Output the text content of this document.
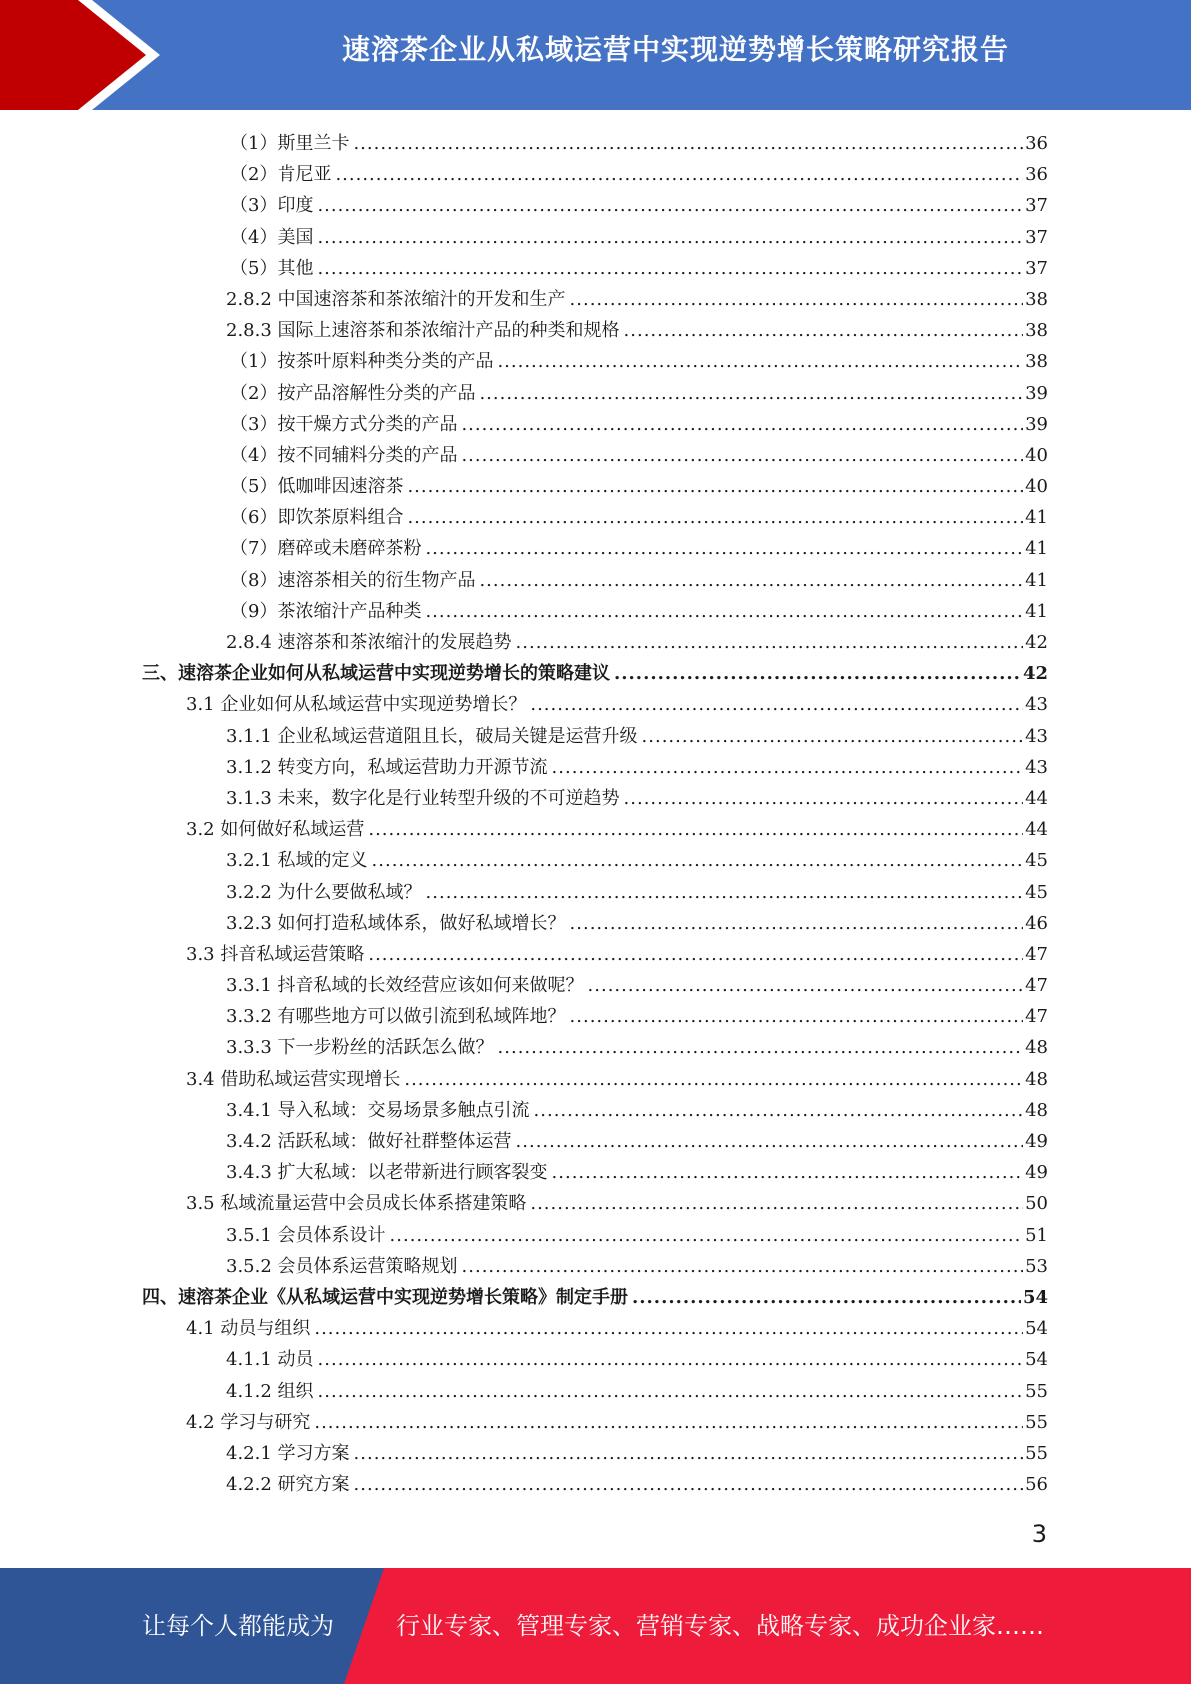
速溶茶企业从私域运营中实现逆势增长策略研究报告
（1）斯里兰卡 .....	36
（2）肯尼亚 .....	36
（3）印度 .....	37
（4）美国 .....	37
（5）其他 .....	37
2.8.2 中国速溶茶和茶浓缩汁的开发和生产 .....	38
2.8.3 国际上速溶茶和茶浓缩汁产品的种类和规格 .....	38
（1）按茶叶原料种类分类的产品 .....	38
（2）按产品溶解性分类的产品 .....	39
（3）按干燥方式分类的产品 .....	39
（4）按不同辅料分类的产品 .....	40
（5）低咖啡因速溶茶 .....	40
（6）即饮茶原料组合 .....	41
（7）磨碎或未磨碎茶粉 .....	41
（8）速溶茶相关的衍生物产品 .....	41
（9）茶浓缩汁产品种类 .....	41
2.8.4 速溶茶和茶浓缩汁的发展趋势 .....	42
三、速溶茶企业如何从私域运营中实现逆势增长的策略建议 .....	42
3.1 企业如何从私域运营中实现逆势增长？ .....	43
3.1.1 企业私域运营道阻且长，破局关键是运营升级 .....	43
3.1.2 转变方向，私域运营助力开源节流 .....	43
3.1.3 未来，数字化是行业转型升级的不可逆趋势 .....	44
3.2 如何做好私域运营 .....	44
3.2.1 私域的定义 .....	45
3.2.2 为什么要做私域？ .....	45
3.2.3 如何打造私域体系，做好私域增长？ .....	46
3.3 抖音私域运营策略 .....	47
3.3.1 抖音私域的长效经营应该如何来做呢？ .....	47
3.3.2 有哪些地方可以做引流到私域阵地？ .....	47
3.3.3 下一步粉丝的活跃怎么做？ .....	48
3.4 借助私域运营实现增长 .....	48
3.4.1 导入私域：交易场景多触点引流 .....	48
3.4.2 活跃私域：做好社群整体运营 .....	49
3.4.3 扩大私域：以老带新进行顾客裂变 .....	49
3.5 私域流量运营中会员成长体系搭建策略 .....	50
3.5.1 会员体系设计 .....	51
3.5.2 会员体系运营策略规划 .....	53
四、速溶茶企业《从私域运营中实现逆势增长策略》制定手册 .....	54
4.1 动员与组织 .....	54
4.1.1 动员 .....	54
4.1.2 组织 .....	55
4.2 学习与研究 .....	55
4.2.1 学习方案 .....	55
4.2.2 研究方案 .....	56
3
让每个人都能成为	行业专家、管理专家、营销专家、战略专家、成功企业家……
